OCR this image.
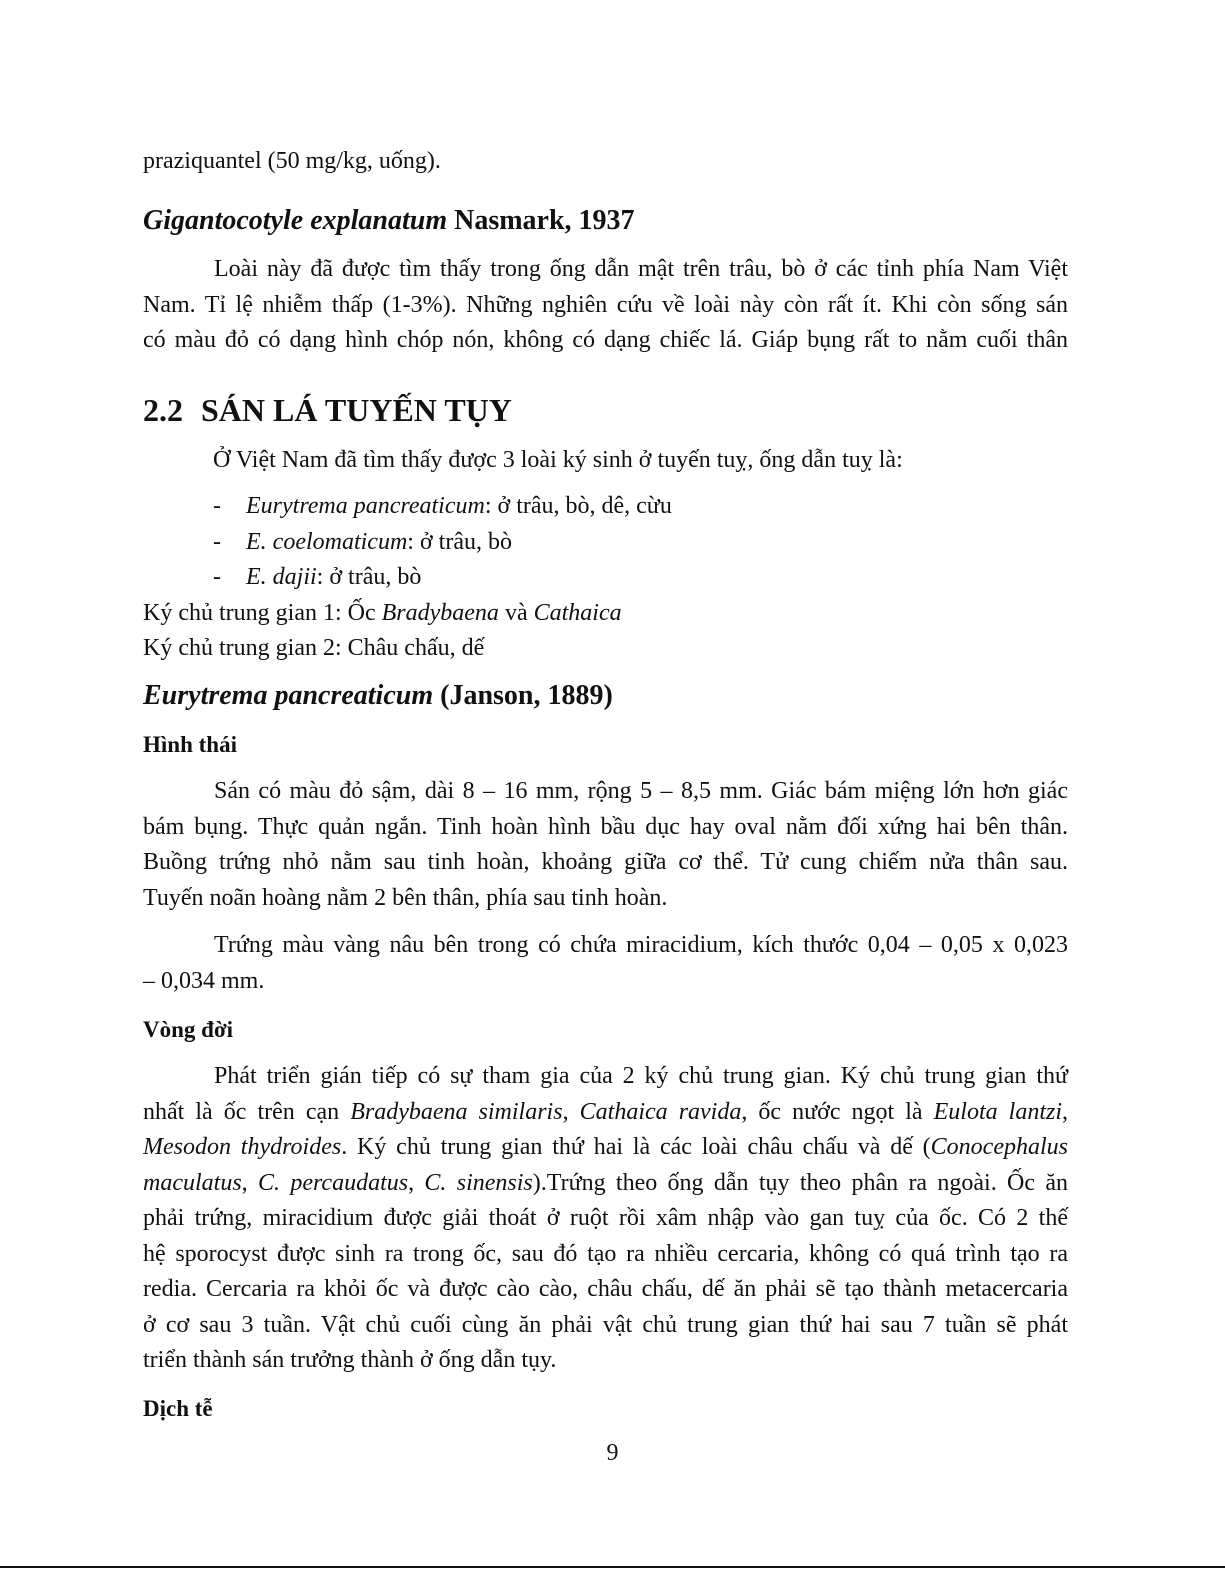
praziquantel (50 mg/kg, uống).

Gigantocotyle explanatum Nasmark, 1937
Loài này đã được tìm thấy trong ống dẫn mật trên trâu, bò ở các tỉnh phía Nam Việt
Nam. Tỉ lệ nhiễm thấp (1-3%). Những nghiên cứu về loài này còn rất ít. Khi còn sống sán
có màu đỏ có dạng hình chóp nón, không có dạng chiếc lá. Giáp bụng rất to nằm cuối thân
2.2 SÁN LÁ TUYẾN TỤY

Ở Việt Nam đã tìm thấy được 3 loài ký sinh ở tuyến tuỵ, ống dẫn tuỵ là:

- Eurytrema pancreaticum: ở trâu, bò, dê, cừu

- E. coelomaticum: ở trâu, bò

- E. dajii: ở trâu, bò

Ký chủ trung gian 1: Ốc Bradybaena và Cathaica

Ký chủ trung gian 2: Châu chấu, dế

Eurytrema pancreaticum (Janson, 1889)
Hình thái
Sán có màu đỏ sậm, dài 8 – 16 mm, rộng 5 – 8,5 mm. Giác bám miệng lớn hơn giác
bám bụng. Thực quản ngắn. Tinh hoàn hình bầu dục hay oval nằm đối xứng hai bên thân.
Buồng trứng nhỏ nằm sau tinh hoàn, khoảng giữa cơ thể. Tử cung chiếm nửa thân sau.
Tuyến noãn hoàng nằm 2 bên thân, phía sau tinh hoàn.
Trứng màu vàng nâu bên trong có chứa miracidium, kích thước 0,04 – 0,05 x 0,023
– 0,034 mm.
Vòng đời
Phát triển gián tiếp có sự tham gia của 2 ký chủ trung gian. Ký chủ trung gian thứ
nhất là ốc trên cạn Bradybaena similaris, Cathaica ravida, ốc nước ngọt là Eulota lantzi,
Mesodon thydroides. Ký chủ trung gian thứ hai là các loài châu chấu và dế (Conocephalus
maculatus, C. percaudatus, C. sinensis).Trứng theo ống dẫn tụy theo phân ra ngoài. Ốc ăn
phải trứng, miracidium được giải thoát ở ruột rồi xâm nhập vào gan tuỵ của ốc. Có 2 thế
hệ sporocyst được sinh ra trong ốc, sau đó tạo ra nhiều cercaria, không có quá trình tạo ra
redia. Cercaria ra khỏi ốc và được cào cào, châu chấu, dế ăn phải sẽ tạo thành metacercaria
ở cơ sau 3 tuần. Vật chủ cuối cùng ăn phải vật chủ trung gian thứ hai sau 7 tuần sẽ phát
triển thành sán trưởng thành ở ống dẫn tụy.
Dịch tễ
9
